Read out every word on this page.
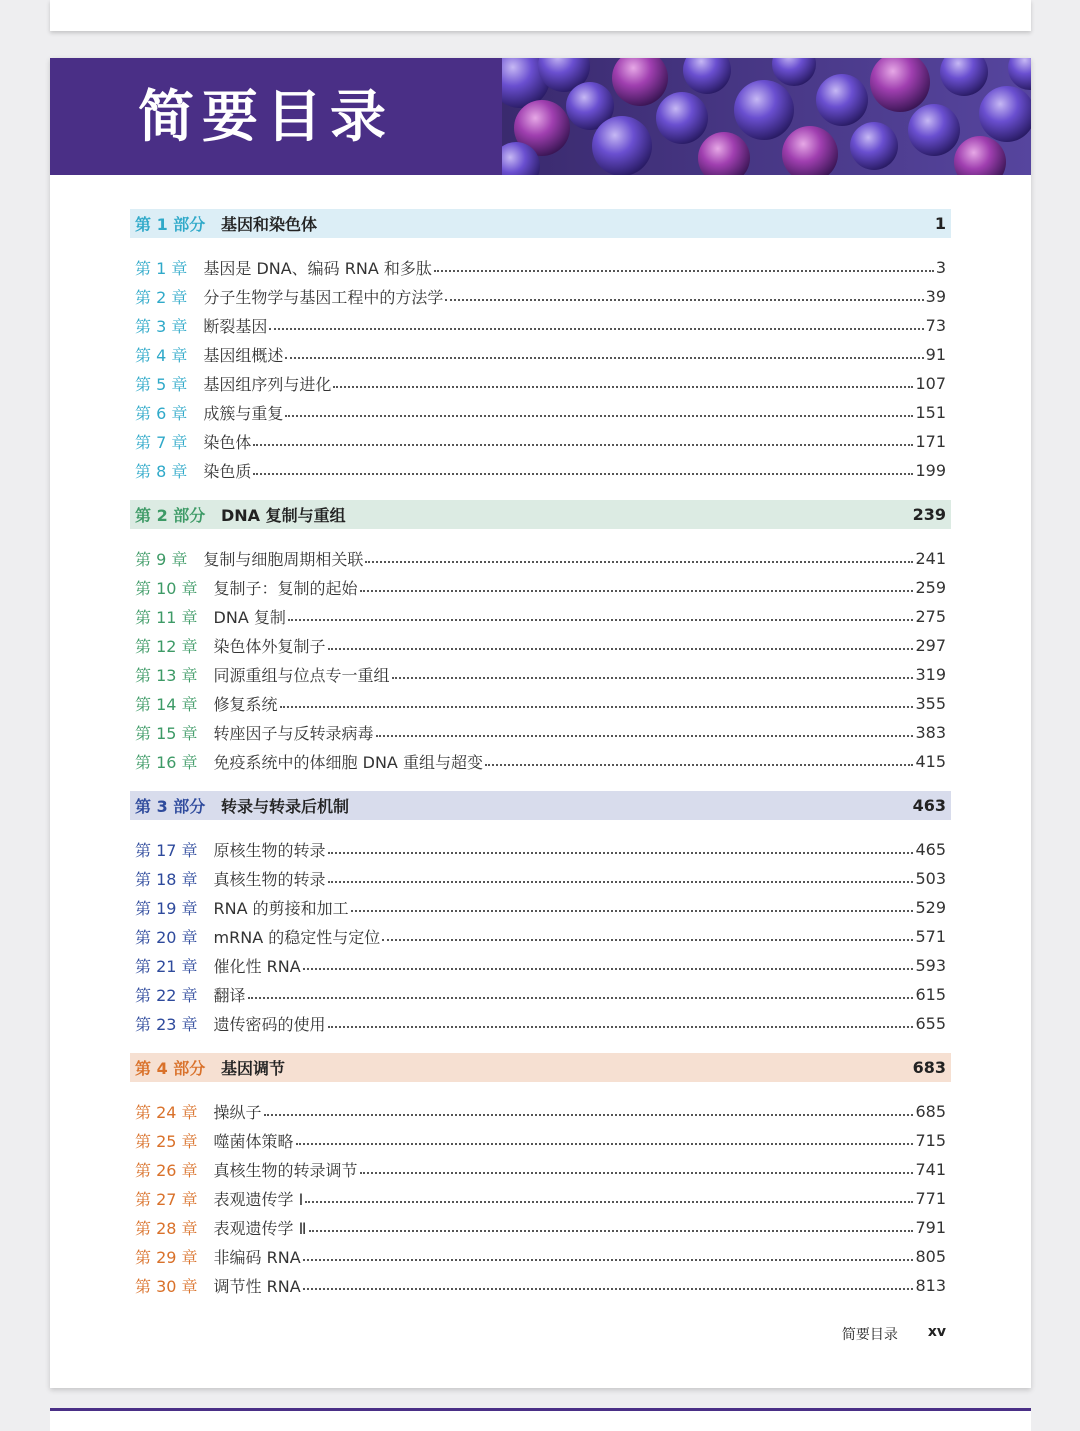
简要目录
第 1 部分 基因和染色体	1
第 1 章 基因是 DNA、编码 RNA 和多肽	3
第 2 章 分子生物学与基因工程中的方法学	39
第 3 章 断裂基因	73
第 4 章 基因组概述	91
第 5 章 基因组序列与进化	107
第 6 章 成簇与重复	151
第 7 章 染色体	171
第 8 章 染色质	199
第 2 部分 DNA 复制与重组	239
第 9 章 复制与细胞周期相关联	241
第 10 章 复制子：复制的起始	259
第 11 章 DNA 复制	275
第 12 章 染色体外复制子	297
第 13 章 同源重组与位点专一重组	319
第 14 章 修复系统	355
第 15 章 转座因子与反转录病毒	383
第 16 章 免疫系统中的体细胞 DNA 重组与超变	415
第 3 部分 转录与转录后机制	463
第 17 章 原核生物的转录	465
第 18 章 真核生物的转录	503
第 19 章 RNA 的剪接和加工	529
第 20 章 mRNA 的稳定性与定位	571
第 21 章 催化性 RNA	593
第 22 章 翻译	615
第 23 章 遗传密码的使用	655
第 4 部分 基因调节	683
第 24 章 操纵子	685
第 25 章 噬菌体策略	715
第 26 章 真核生物的转录调节	741
第 27 章 表观遗传学 Ⅰ	771
第 28 章 表观遗传学 Ⅱ	791
第 29 章 非编码 RNA	805
第 30 章 调节性 RNA	813
简要目录 xv
